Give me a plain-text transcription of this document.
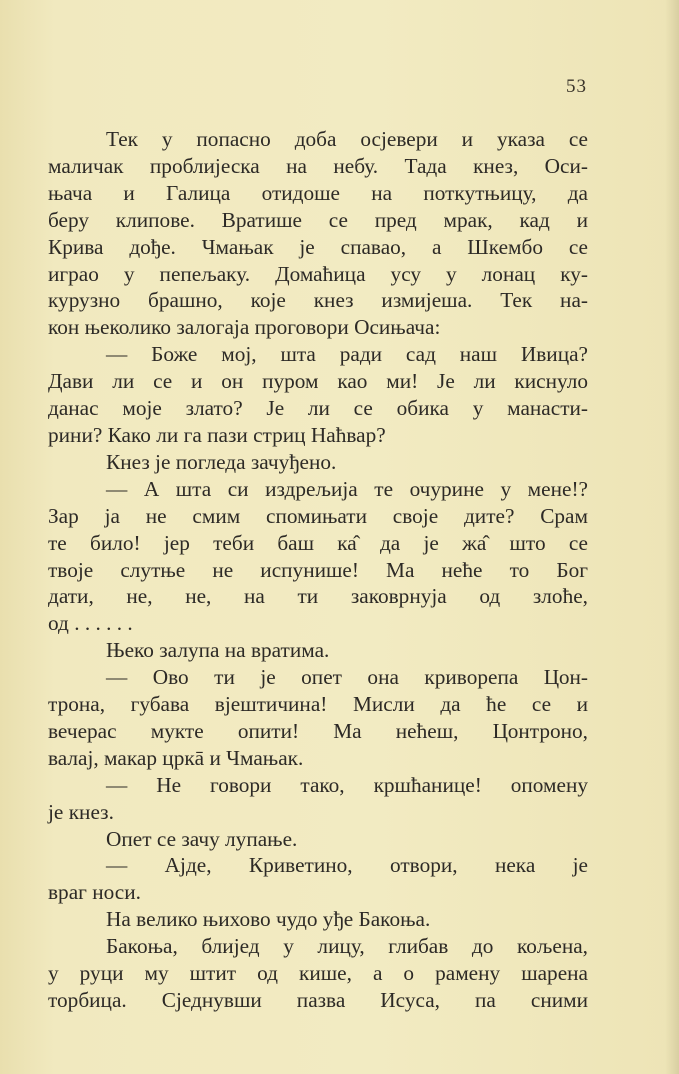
53
Тек у попасно доба осјевери и указа се
маличак проблијеска на небу. Тада кнез, Оси-
њача и Галица отидоше на поткутњицу, да
беру клипове. Вратише се пред мрак, кад и
Крива дође. Чмањак је спавао, а Шкембо се
играо у пепељаку. Домаћица усу у лонац ку-
курузно брашно, које кнез измијеша. Тек на-
кон њеколико залогаја проговори Осињача:
— Боже мој, шта ради сад наш Ивица?
Дави ли се и он пуром као ми! Је ли киснуло
данас моје злато? Је ли се обика у манасти-
рини? Како ли га пази стриц Наћвар?
Кнез је погледа зачуђено.
— А шта си издрељија те очурине у мене!?
Зар ја не смим спомињати своје дите? Срам
те било! јер теби баш ка̂ да је жа̂ што се
твоје слутње не испунише! Ма неће то Бог
дати, не, не, на ти заковрнуја од злоће,
од . . . . . .
Њеко залупа на вратима.
— Ово ти је опет она криворепа Цон-
трона, губава вјештичина! Мисли да ће се и
вечерас мукте опити! Ма нећеш, Цонтроно,
валај, макар цркā и Чмањак.
— Не говори тако, кршћанице! опомену
је кнез.
Опет се зачу лупање.
— Ајде, Криветино, отвори, нека је
враг носи.
На велико њихово чудо уђе Бакоња.
Бакоња, блијед у лицу, глибав до кољена,
у руци му штит од кише, а о рамену шарена
торбица. Сједнувши пазва Исуса, па сними
